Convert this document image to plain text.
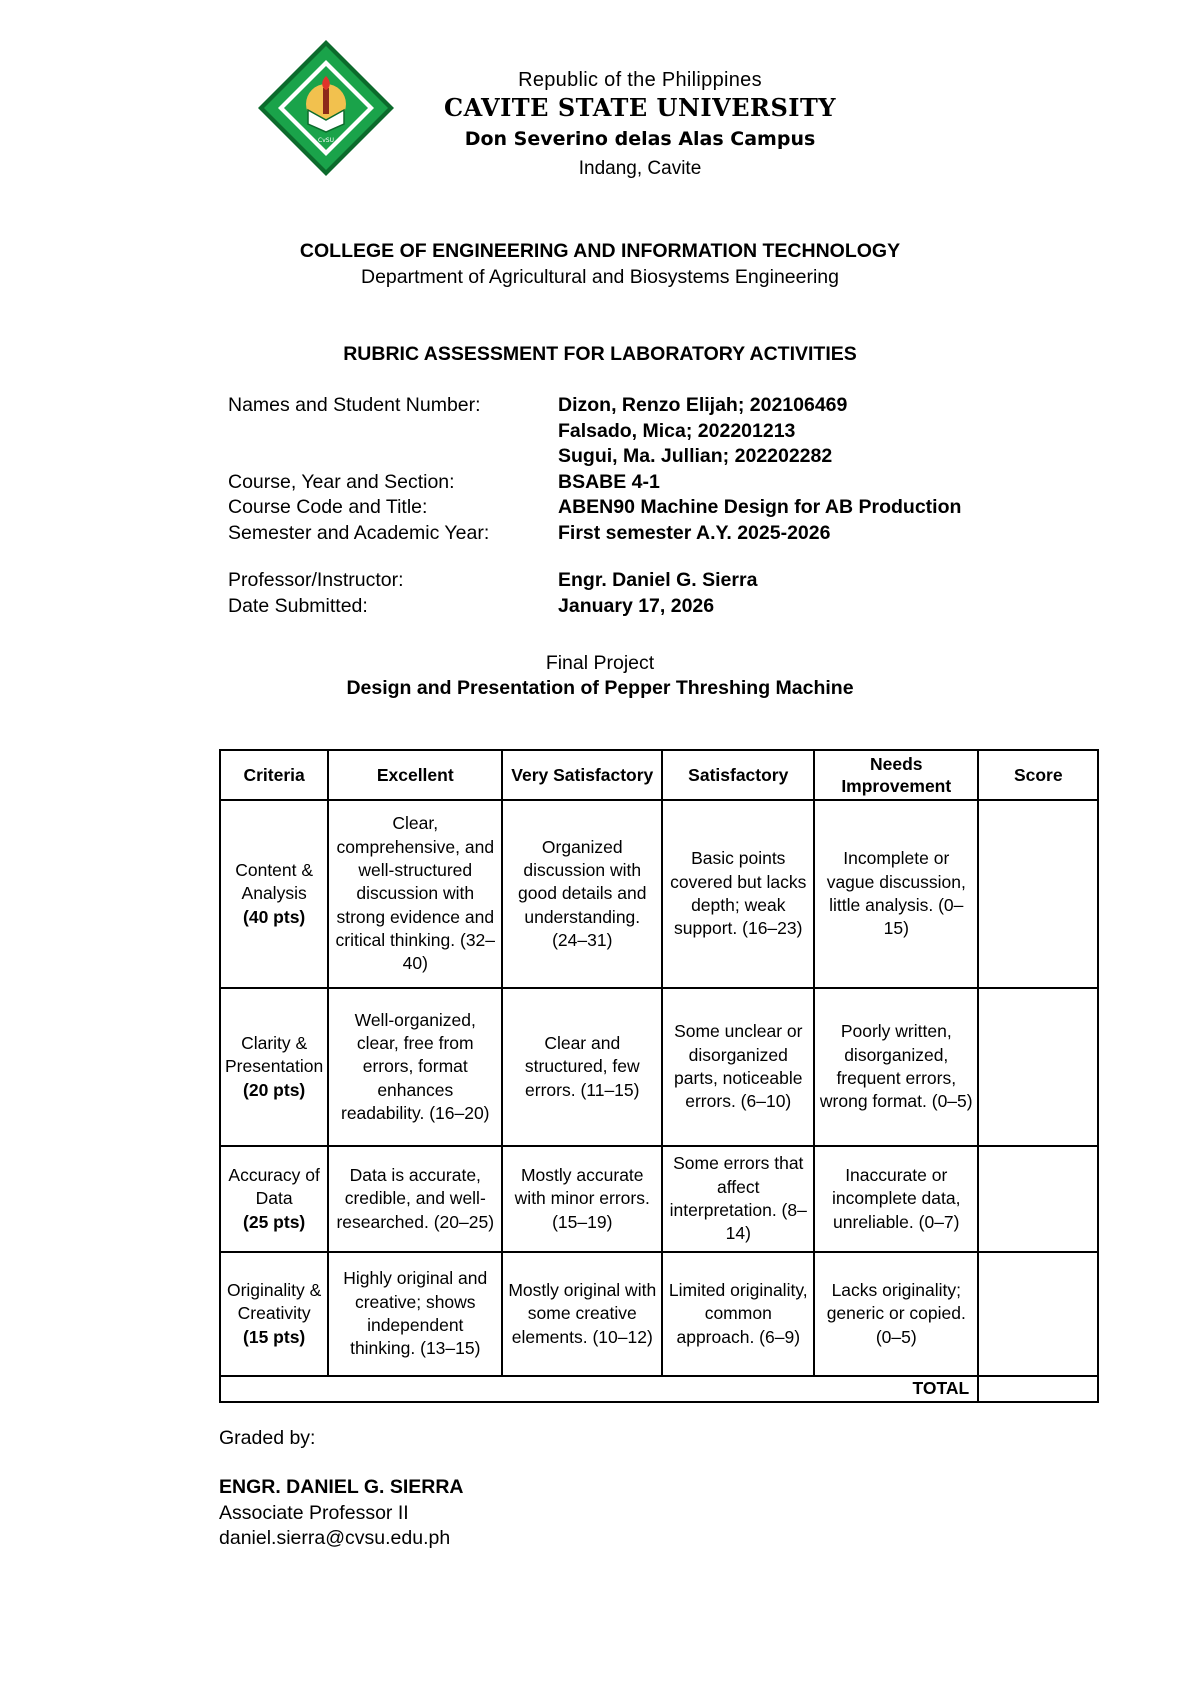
CvSU
Republic of the Philippines
CAVITE STATE UNIVERSITY
Don Severino delas Alas Campus
Indang, Cavite
COLLEGE OF ENGINEERING AND INFORMATION TECHNOLOGY
Department of Agricultural and Biosystems Engineering
RUBRIC ASSESSMENT FOR LABORATORY ACTIVITIES
Names and Student Number:	Dizon, Renzo Elijah; 202106469
Falsado, Mica; 202201213
Sugui, Ma. Jullian; 202202282
Course, Year and Section:	BSABE 4-1
Course Code and Title:	ABEN90 Machine Design for AB Production
Semester and Academic Year:	First semester A.Y. 2025-2026
Professor/Instructor:	Engr. Daniel G. Sierra
Date Submitted:	January 17, 2026
Final Project
Design and Presentation of Pepper Threshing Machine
Criteria	Excellent	Very Satisfactory	Satisfactory	Needs Improvement	Score

Content & Analysis
(40 pts)	Clear, comprehensive, and well-structured discussion with strong evidence and critical thinking. (32–40)	Organized discussion with good details and understanding. (24–31)	Basic points covered but lacks depth; weak support. (16–23)	Incomplete or vague discussion, little analysis. (0–15)	

Clarity & Presentation
(20 pts)	Well-organized, clear, free from errors, format enhances readability. (16–20)	Clear and structured, few errors. (11–15)	Some unclear or disorganized parts, noticeable errors. (6–10)	Poorly written, disorganized, frequent errors, wrong format. (0–5)	

Accuracy of Data
(25 pts)	Data is accurate, credible, and well-researched. (20–25)	Mostly accurate with minor errors. (15–19)	Some errors that affect interpretation. (8–14)	Inaccurate or incomplete data, unreliable. (0–7)	

Originality & Creativity
(15 pts)	Highly original and creative; shows independent thinking. (13–15)	Mostly original with some creative elements. (10–12)	Limited originality, common approach. (6–9)	Lacks originality; generic or copied. (0–5)	
TOTAL					
Graded by:
ENGR. DANIEL G. SIERRA
Associate Professor II
daniel.sierra@cvsu.edu.ph
